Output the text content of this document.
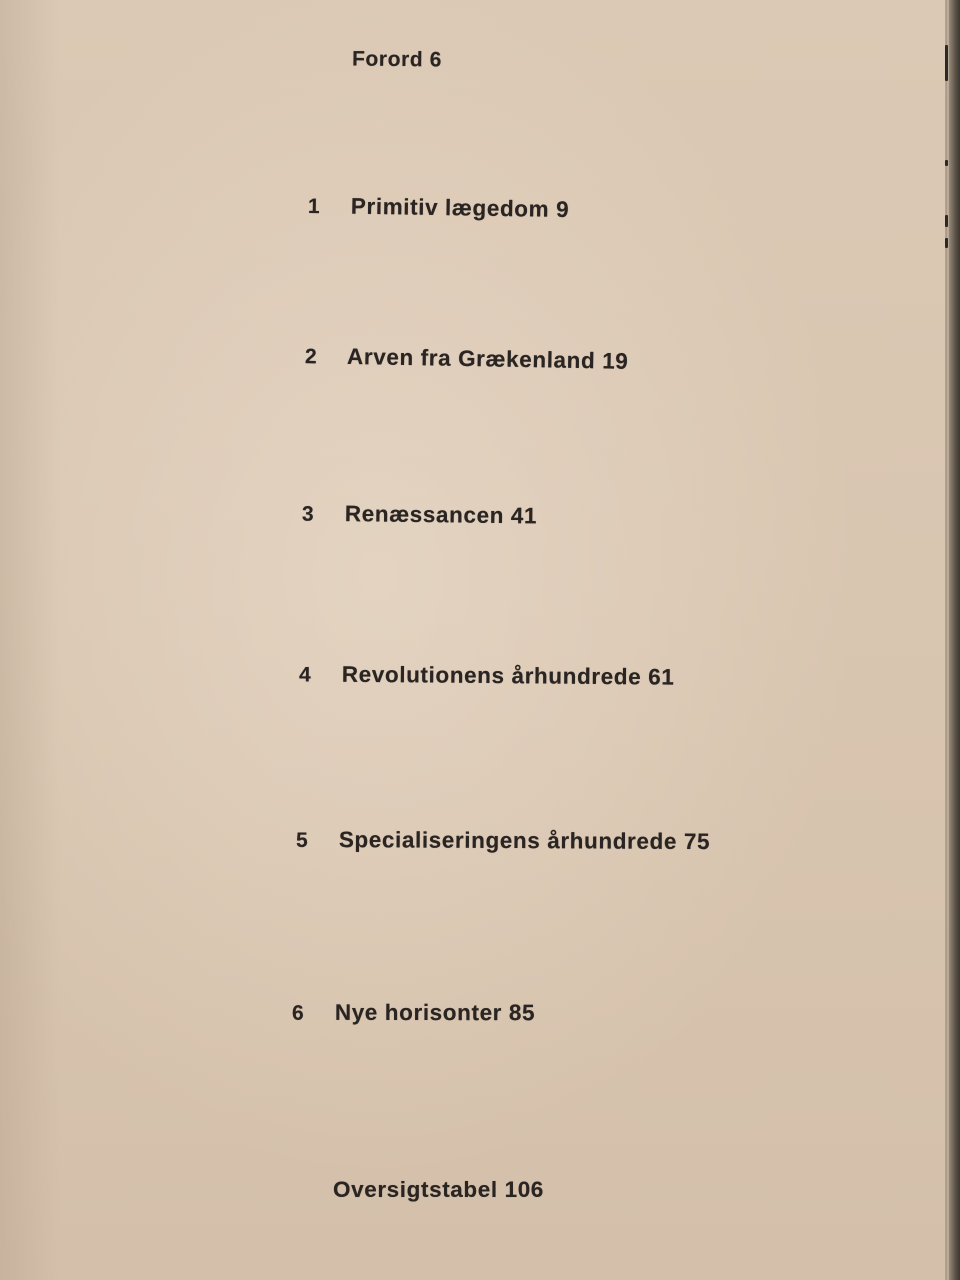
Forord 6
1 Primitiv lægedom 9
2 Arven fra Grækenland 19
3 Renæssancen 41
4 Revolutionens århundrede 61
5 Specialiseringens århundrede 75
6 Nye horisonter 85
Oversigtstabel 106
